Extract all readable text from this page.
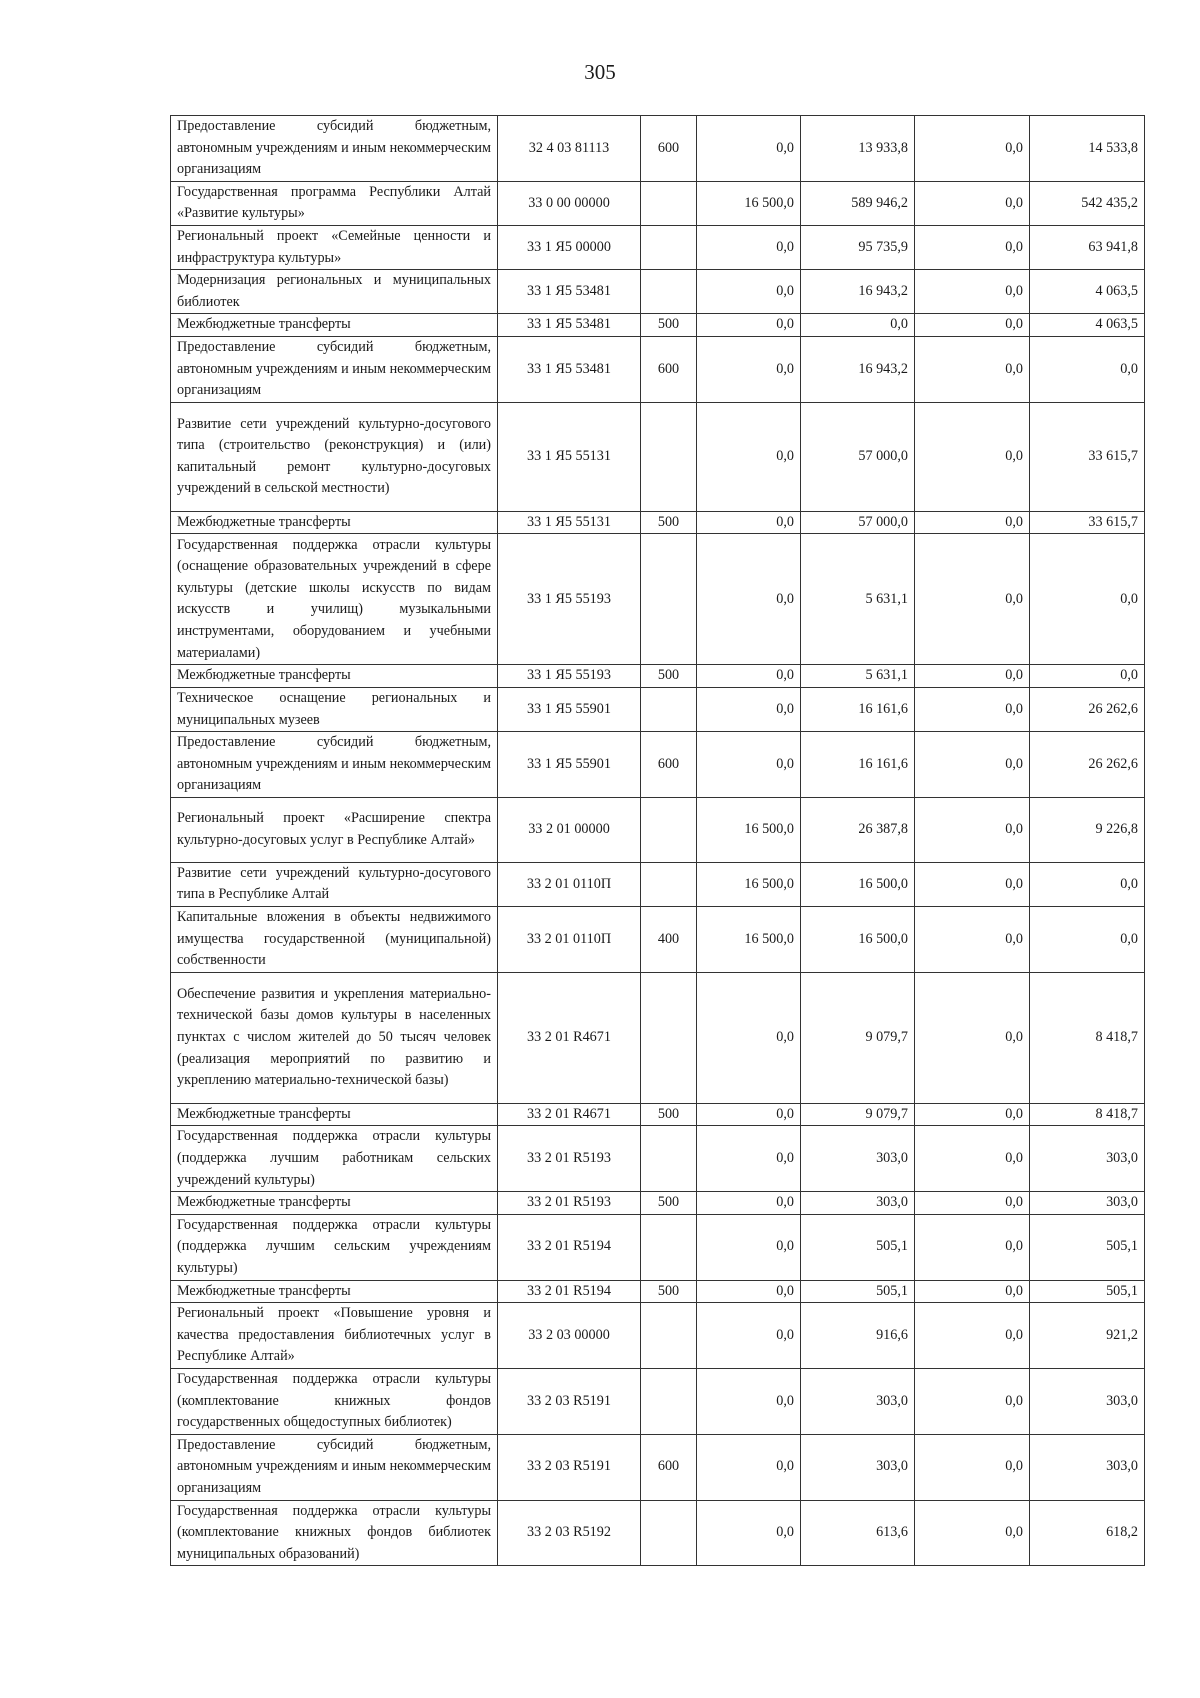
305
Предоставление субсидий бюджетным, автономным учреждениям и иным некоммерческим организациям	32 4 03 81113	600	0,0	13 933,8	0,0	14 533,8
Государственная программа Республики Алтай «Развитие культуры»	33 0 00 00000		16 500,0	589 946,2	0,0	542 435,2
Региональный проект «Семейные ценности и инфраструктура культуры»	33 1 Я5 00000		0,0	95 735,9	0,0	63 941,8
Модернизация региональных и муниципальных библиотек	33 1 Я5 53481		0,0	16 943,2	0,0	4 063,5
Межбюджетные трансферты	33 1 Я5 53481	500	0,0	0,0	0,0	4 063,5
Предоставление субсидий бюджетным, автономным учреждениям и иным некоммерческим организациям	33 1 Я5 53481	600	0,0	16 943,2	0,0	0,0
Развитие сети учреждений культурно-досугового типа (строительство (реконструкция) и (или) капитальный ремонт культурно-досуговых учреждений в сельской местности)	33 1 Я5 55131		0,0	57 000,0	0,0	33 615,7
Межбюджетные трансферты	33 1 Я5 55131	500	0,0	57 000,0	0,0	33 615,7
Государственная поддержка отрасли культуры (оснащение образовательных учреждений в сфере культуры (детские школы искусств по видам искусств и училищ) музыкальными инструментами, оборудованием и учебными материалами)	33 1 Я5 55193		0,0	5 631,1	0,0	0,0
Межбюджетные трансферты	33 1 Я5 55193	500	0,0	5 631,1	0,0	0,0
Техническое оснащение региональных и муниципальных музеев	33 1 Я5 55901		0,0	16 161,6	0,0	26 262,6
Предоставление субсидий бюджетным, автономным учреждениям и иным некоммерческим организациям	33 1 Я5 55901	600	0,0	16 161,6	0,0	26 262,6
Региональный проект «Расширение спектра культурно-досуговых услуг в Республике Алтай»	33 2 01 00000		16 500,0	26 387,8	0,0	9 226,8
Развитие сети учреждений культурно-досугового типа в Республике Алтай	33 2 01 0110П		16 500,0	16 500,0	0,0	0,0
Капитальные вложения в объекты недвижимого имущества государственной (муниципальной) собственности	33 2 01 0110П	400	16 500,0	16 500,0	0,0	0,0
Обеспечение развития и укрепления материально-технической базы домов культуры в населенных пунктах с числом жителей до 50 тысяч человек (реализация мероприятий по развитию и укреплению материально-технической базы)	33 2 01 R4671		0,0	9 079,7	0,0	8 418,7
Межбюджетные трансферты	33 2 01 R4671	500	0,0	9 079,7	0,0	8 418,7
Государственная поддержка отрасли культуры (поддержка лучшим работникам сельских учреждений культуры)	33 2 01 R5193		0,0	303,0	0,0	303,0
Межбюджетные трансферты	33 2 01 R5193	500	0,0	303,0	0,0	303,0
Государственная поддержка отрасли культуры (поддержка лучшим сельским учреждениям культуры)	33 2 01 R5194		0,0	505,1	0,0	505,1
Межбюджетные трансферты	33 2 01 R5194	500	0,0	505,1	0,0	505,1
Региональный проект «Повышение уровня и качества предоставления библиотечных услуг в Республике Алтай»	33 2 03 00000		0,0	916,6	0,0	921,2
Государственная поддержка отрасли культуры (комплектование книжных фондов государственных общедоступных библиотек)	33 2 03 R5191		0,0	303,0	0,0	303,0
Предоставление субсидий бюджетным, автономным учреждениям и иным некоммерческим организациям	33 2 03 R5191	600	0,0	303,0	0,0	303,0
Государственная поддержка отрасли культуры (комплектование книжных фондов библиотек муниципальных образований)	33 2 03 R5192		0,0	613,6	0,0	618,2
